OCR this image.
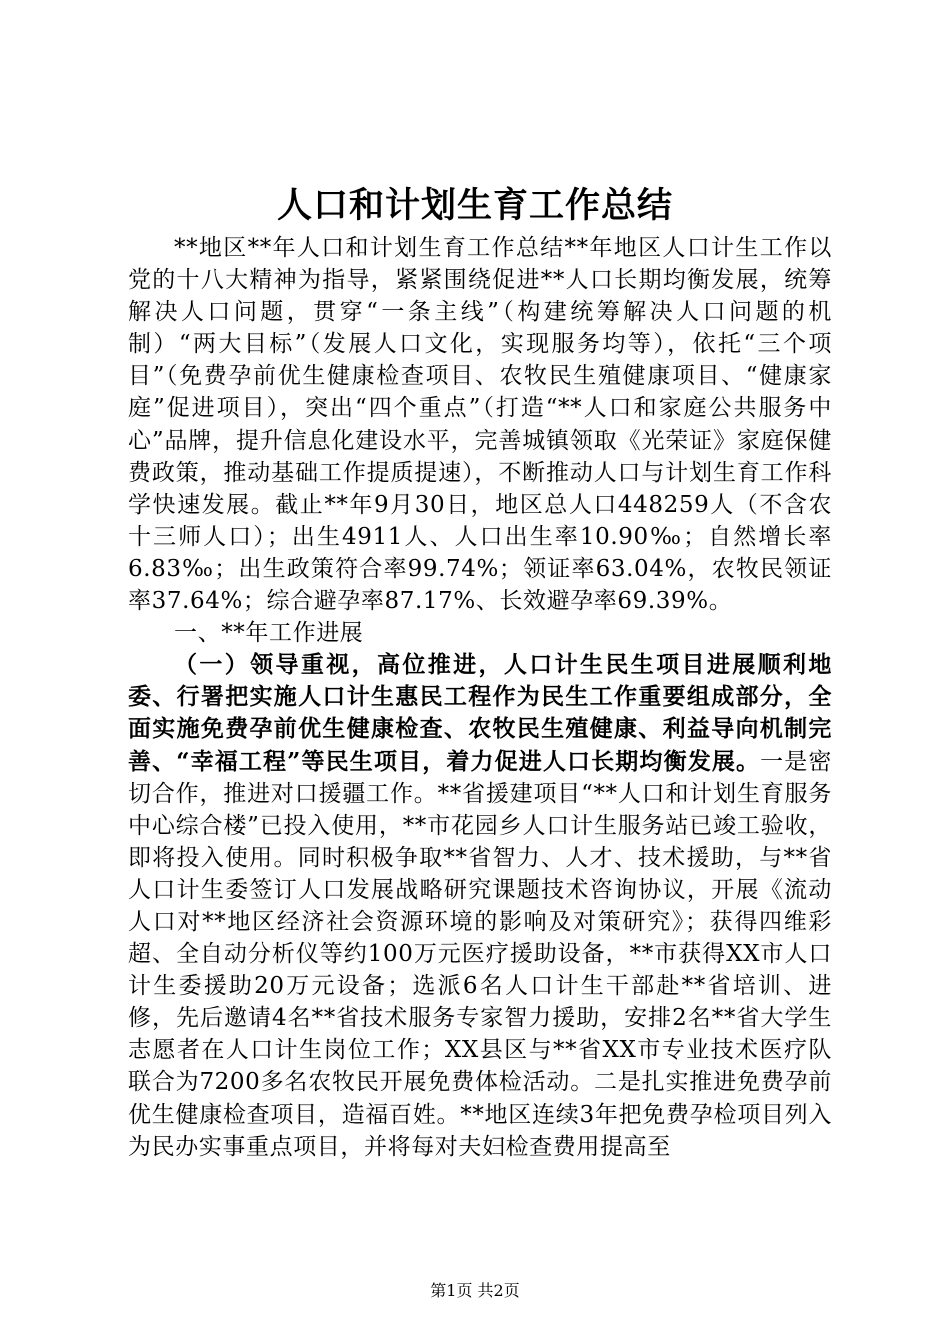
人口和计划生育工作总结

**地区**年人口和计划生育工作总结**年地区人口计生工作以党的十八大精神为指导，紧紧围绕促进**人口长期均衡发展，统筹解决人口问题，贯穿“一条主线”（构建统筹解决人口问题的机制）“两大目标”（发展人口文化，实现服务均等），依托“三个项目”（免费孕前优生健康检查项目、农牧民生殖健康项目、“健康家庭”促进项目），突出“四个重点”（打造“**人口和家庭公共服务中心”品牌，提升信息化建设水平，完善城镇领取《光荣证》家庭保健费政策，推动基础工作提质提速），不断推动人口与计划生育工作科学快速发展。截止**年9月30日，地区总人口448259人（不含农十三师人口）；出生4911人、人口出生率10.90‰；自然增长率6.83‰；出生政策符合率99.74%；领证率63.04%，农牧民领证率37.64%；综合避孕率87.17%、长效避孕率69.39%。

一、**年工作进展

（一）领导重视，高位推进，人口计生民生项目进展顺利地委、行署把实施人口计生惠民工程作为民生工作重要组成部分，全面实施免费孕前优生健康检查、农牧民生殖健康、利益导向机制完善、“幸福工程”等民生项目，着力促进人口长期均衡发展。一是密切合作，推进对口援疆工作。**省援建项目“**人口和计划生育服务中心综合楼”已投入使用，**市花园乡人口计生服务站已竣工验收，即将投入使用。同时积极争取**省智力、人才、技术援助，与**省人口计生委签订人口发展战略研究课题技术咨询协议，开展《流动人口对**地区经济社会资源环境的影响及对策研究》；获得四维彩超、全自动分析仪等约100万元医疗援助设备，**市获得XX市人口计生委援助20万元设备；选派6名人口计生干部赴**省培训、进修，先后邀请4名**省技术服务专家智力援助，安排2名**省大学生志愿者在人口计生岗位工作；XX县区与**省XX市专业技术医疗队联合为7200多名农牧民开展免费体检活动。二是扎实推进免费孕前优生健康检查项目，造福百姓。**地区连续3年把免费孕检项目列入为民办实事重点项目，并将每对夫妇检查费用提高至

第1页 共2页
